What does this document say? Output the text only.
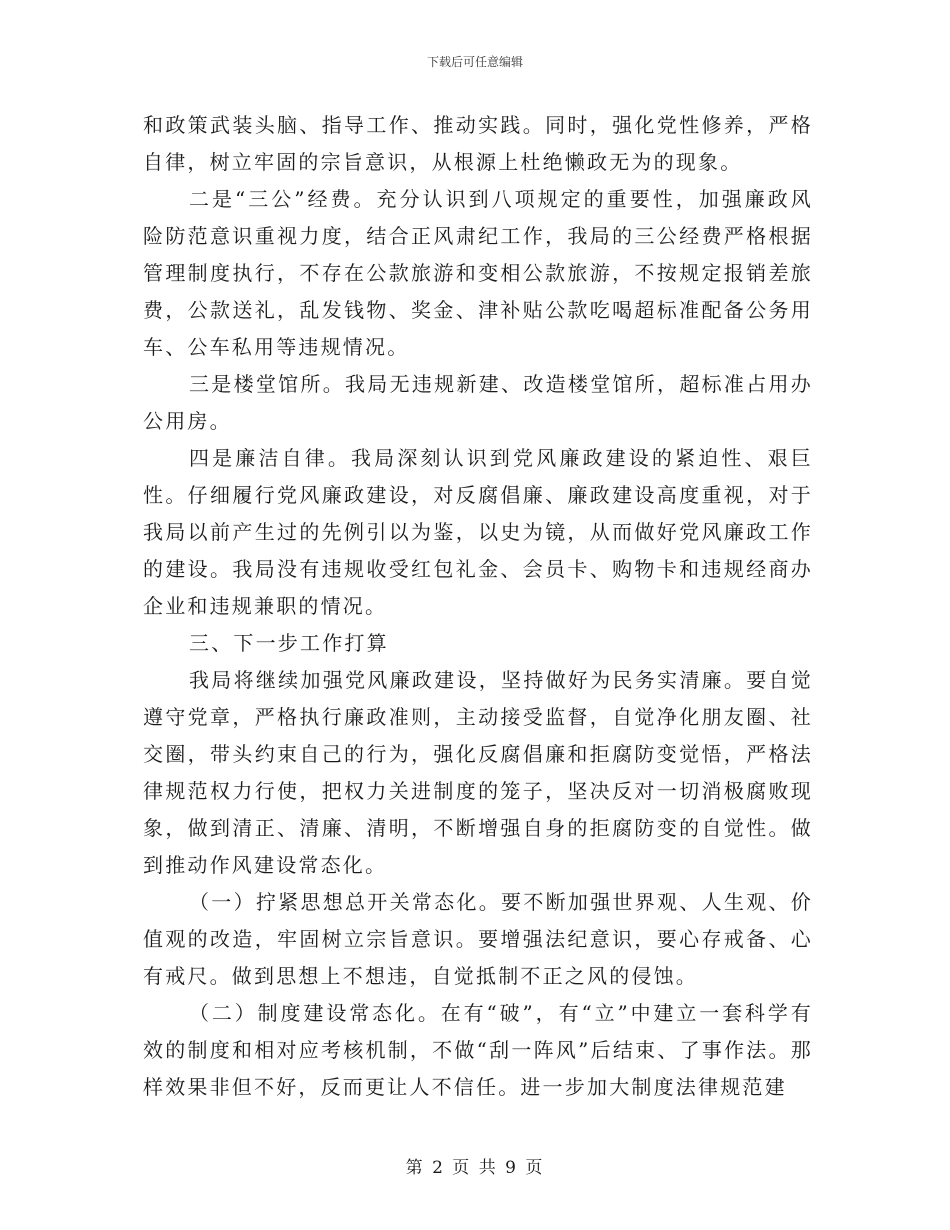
下载后可任意编辑

和政策武装头脑、指导工作、推动实践。同时，强化党性修养，严格自律，树立牢固的宗旨意识，从根源上杜绝懒政无为的现象。

二是“三公”经费。充分认识到八项规定的重要性，加强廉政风险防范意识重视力度，结合正风肃纪工作，我局的三公经费严格根据管理制度执行，不存在公款旅游和变相公款旅游，不按规定报销差旅费，公款送礼，乱发钱物、奖金、津补贴公款吃喝超标准配备公务用车、公车私用等违规情况。

三是楼堂馆所。我局无违规新建、改造楼堂馆所，超标准占用办公用房。

四是廉洁自律。我局深刻认识到党风廉政建设的紧迫性、艰巨性。仔细履行党风廉政建设，对反腐倡廉、廉政建设高度重视，对于我局以前产生过的先例引以为鉴，以史为镜，从而做好党风廉政工作的建设。我局没有违规收受红包礼金、会员卡、购物卡和违规经商办企业和违规兼职的情况。

三、下一步工作打算

我局将继续加强党风廉政建设，坚持做好为民务实清廉。要自觉遵守党章，严格执行廉政准则，主动接受监督，自觉净化朋友圈、社交圈，带头约束自己的行为，强化反腐倡廉和拒腐防变觉悟，严格法律规范权力行使，把权力关进制度的笼子，坚决反对一切消极腐败现象，做到清正、清廉、清明，不断增强自身的拒腐防变的自觉性。做到推动作风建设常态化。

（一）拧紧思想总开关常态化。要不断加强世界观、人生观、价值观的改造，牢固树立宗旨意识。要增强法纪意识，要心存戒备、心有戒尺。做到思想上不想违，自觉抵制不正之风的侵蚀。

（二）制度建设常态化。在有“破”，有“立”中建立一套科学有效的制度和相对应考核机制，不做“刮一阵风”后结束、了事作法。那样效果非但不好，反而更让人不信任。进一步加大制度法律规范建

第 2 页 共 9 页
